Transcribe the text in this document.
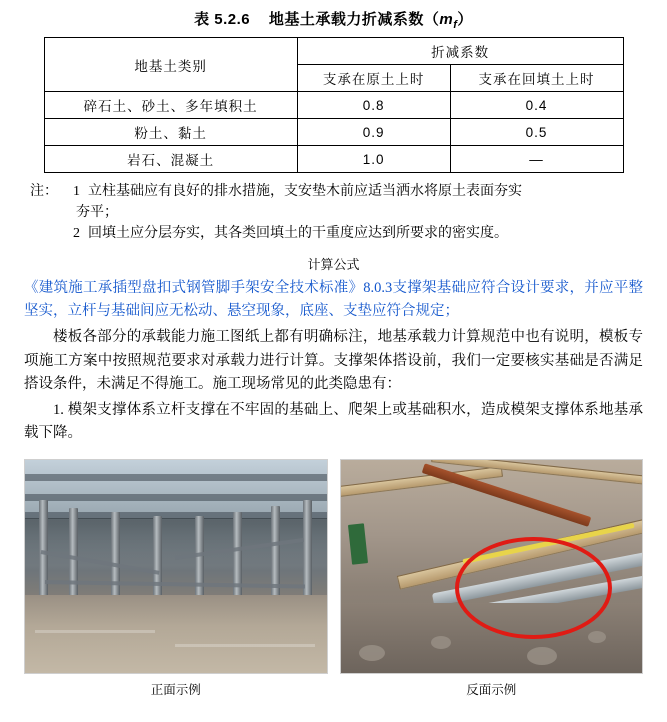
表 5.2.6 地基土承载力折减系数$(m_f)$
地基土类别	折减系数	
	支承在原土上时	支承在回填土上时
碎石土、砂土、多年填积土	0.8	0.4
粉土、黏土	0.9	0.5
岩石、混凝土	1.0	—
注：	1 立柱基础应有良好的排水措施，支安垫木前应适当洒水将原土表面夯实
夯平；
2 回填土应分层夯实，其各类回填土的干重度应达到所要求的密实度。
计算公式
《建筑施工承插型盘扣式钢管脚手架安全技术标准》8.0.3支撑架基础应符合设计要求，并应平整坚实，立杆与基础间应无松动、悬空现象，底座、支垫应符合规定；
楼板各部分的承载能力施工图纸上都有明确标注，地基承载力计算规范中也有说明，模板专项施工方案中按照规范要求对承载力进行计算。支撑架体搭设前，我们一定要核实基础是否满足搭设条件，未满足不得施工。施工现场常见的此类隐患有：
1. 模架支撑体系立杆支撑在不牢固的基础上、爬架上或基础积水，造成模架支撑体系地基承载下降。
正面示例	反面示例
